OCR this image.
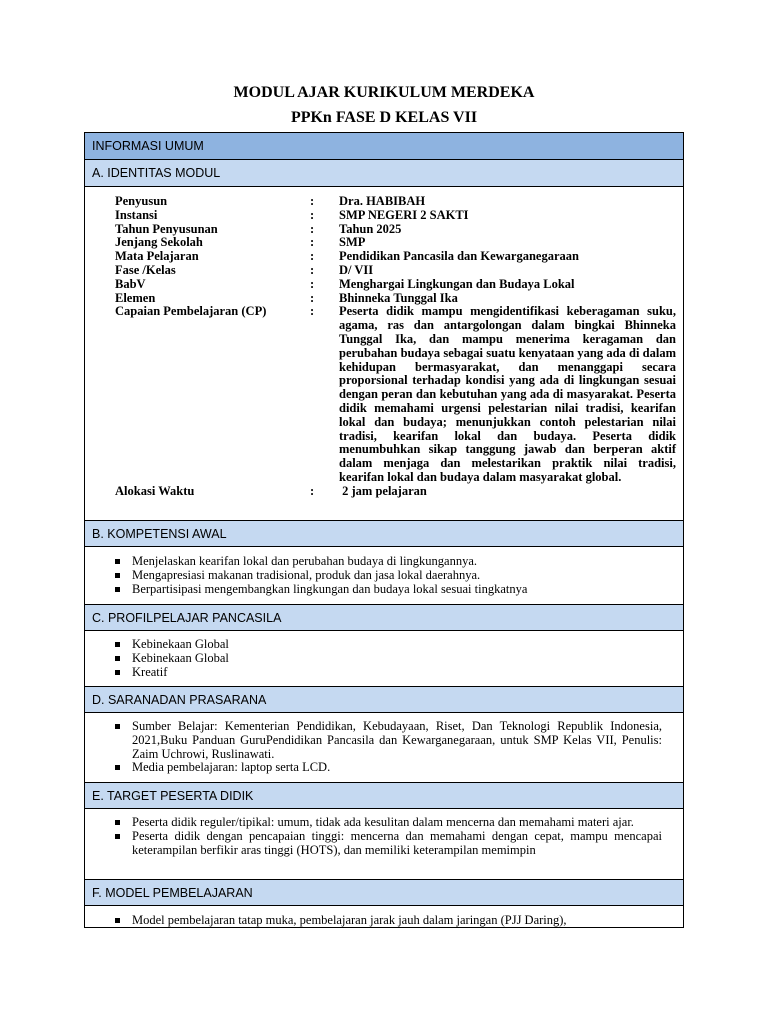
MODUL AJAR KURIKULUM MERDEKA
PPKn FASE D KELAS VII
INFORMASI UMUM
A. IDENTITAS MODUL
Penyusun	:	Dra. HABIBAH
Instansi	:	SMP NEGERI 2 SAKTI
Tahun Penyusunan	:	Tahun 2025
Jenjang Sekolah	:	SMP
Mata Pelajaran	:	Pendidikan Pancasila dan Kewarganegaraan
Fase /Kelas	:	D/ VII
BabV	:	Menghargai Lingkungan dan Budaya Lokal
Elemen	:	Bhinneka Tunggal Ika
Capaian Pembelajaran (CP)	:	Peserta didik mampu mengidentifikasi keberagaman suku, agama, ras dan antargolongan dalam bingkai Bhinneka Tunggal Ika, dan mampu menerima keragaman dan perubahan budaya sebagai suatu kenyataan yang ada di dalam kehidupan bermasyarakat, dan menanggapi secara proporsional terhadap kondisi yang ada di lingkungan sesuai dengan peran dan kebutuhan yang ada di masyarakat. Peserta didik memahami urgensi pelestarian nilai tradisi, kearifan lokal dan budaya; menunjukkan contoh pelestarian nilai tradisi, kearifan lokal dan budaya. Peserta didik menumbuhkan sikap tanggung jawab dan berperan aktif dalam menjaga dan melestarikan praktik nilai tradisi, kearifan lokal dan budaya dalam masyarakat global.
Alokasi Waktu	:	2 jam pelajaran
B. KOMPETENSI AWAL
Menjelaskan kearifan lokal dan perubahan budaya di lingkungannya.
Mengapresiasi makanan tradisional, produk dan jasa lokal daerahnya.
Berpartisipasi mengembangkan lingkungan dan budaya lokal sesuai tingkatnya
C. PROFILPELAJAR PANCASILA
Kebinekaan Global
Kebinekaan Global
Kreatif
D. SARANADAN PRASARANA
Sumber Belajar: Kementerian Pendidikan, Kebudayaan, Riset, Dan Teknologi Republik Indonesia, 2021,Buku Panduan GuruPendidikan Pancasila dan Kewarganegaraan, untuk SMP Kelas VII, Penulis: Zaim Uchrowi, Ruslinawati.
Media pembelajaran: laptop serta LCD.
E. TARGET PESERTA DIDIK
Peserta didik reguler/tipikal: umum, tidak ada kesulitan dalam mencerna dan memahami materi ajar.
Peserta didik dengan pencapaian tinggi: mencerna dan memahami dengan cepat, mampu mencapai keterampilan berfikir aras tinggi (HOTS), dan memiliki keterampilan memimpin
F. MODEL PEMBELAJARAN
Model pembelajaran tatap muka, pembelajaran jarak jauh dalam jaringan (PJJ Daring),
